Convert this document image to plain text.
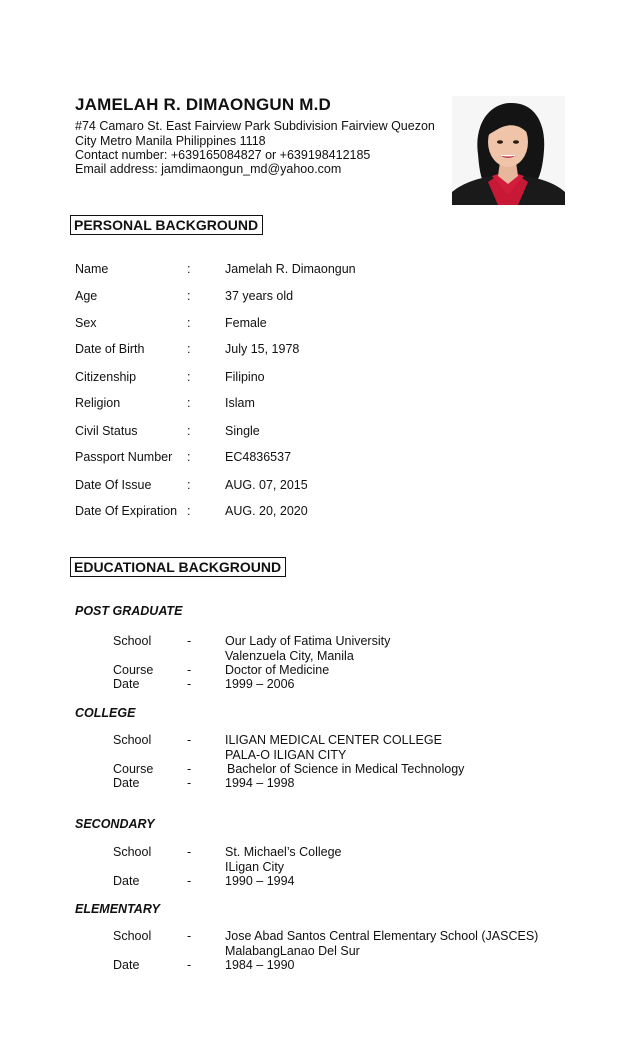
JAMELAH R. DIMAONGUN M.D
#74 Camaro St. East Fairview Park Subdivision Fairview Quezon
City Metro Manila Philippines 1118
Contact number: +639165084827 or +639198412185
Email address: jamdimaongun_md@yahoo.com
PERSONAL BACKGROUND
Name	:	Jamelah R. Dimaongun
Age	:	37 years old
Sex	:	Female
Date of Birth	:	July 15, 1978
Citizenship	:	Filipino
Religion	:	Islam
Civil Status	:	Single
Passport Number :	EC4836537
Date Of Issue	:	AUG. 07, 2015
Date Of Expiration :	AUG. 20, 2020
EDUCATIONAL BACKGROUND
POST GRADUATE
School	-	Our Lady of Fatima University
Valenzuela City, Manila
Course	-	Doctor of Medicine
Date	-	1999 – 2006
COLLEGE
School	-	ILIGAN MEDICAL CENTER COLLEGE
PALA-O ILIGAN CITY
Course	-	Bachelor of Science in Medical Technology
Date	-	1994 – 1998
SECONDARY
School	-	St. Michael’s College
ILigan City
Date	-	1990 – 1994
ELEMENTARY
School	-	Jose Abad Santos Central Elementary School (JASCES)
MalabangLanao Del Sur
Date	-	1984 – 1990
